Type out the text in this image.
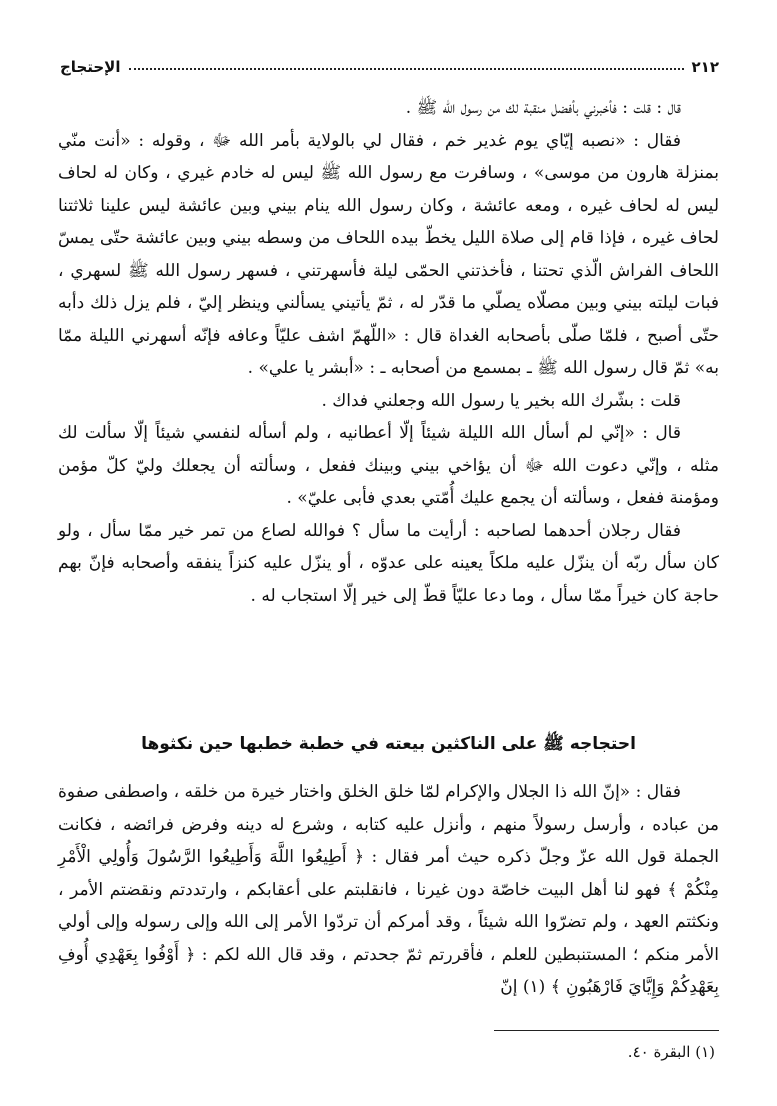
٢١٢
الإحتجاج

قال : قلت : فأخبرني بأفضل منقبة لك من رسول الله ﷺ .

فقال : «نصبه إيّاي يوم غدير خم ، فقال لي بالولاية بأمر الله ﷻ ، وقوله : «أنت منّي بمنزلة هارون من موسى» ، وسافرت مع رسول الله ﷺ ليس له خادم غيري ، وكان له لحاف ليس له لحاف غيره ، ومعه عائشة ، وكان رسول الله ينام بيني وبين عائشة ليس علينا ثلاثتنا لحاف غيره ، فإذا قام إلى صلاة الليل يخطّ بيده اللحاف من وسطه بيني وبين عائشة حتّى يمسّ اللحاف الفراش الّذي تحتنا ، فأخذتني الحمّى ليلة فأسهرتني ، فسهر رسول الله ﷺ لسهري ، فبات ليلته بيني وبين مصلّاه يصلّي ما قدّر له ، ثمّ يأتيني يسألني وينظر إليّ ، فلم يزل ذلك دأبه حتّى أصبح ، فلمّا صلّى بأصحابه الغداة قال : «اللّهمّ اشف عليّاً وعافه فإنّه أسهرني الليلة ممّا به» ثمّ قال رسول الله ﷺ ـ بمسمع من أصحابه ـ : «أبشر يا علي» .

قلت : بشّرك الله بخير يا رسول الله وجعلني فداك .

قال : «إنّي لم أسأل الله الليلة شيئاً إلّا أعطانيه ، ولم أسأله لنفسي شيئاً إلّا سألت لك مثله ، وإنّي دعوت الله ﷻ أن يؤاخي بيني وبينك ففعل ، وسألته أن يجعلك وليّ كلّ مؤمن ومؤمنة ففعل ، وسألته أن يجمع عليك أُمّتي بعدي فأبى عليّ» .

فقال رجلان أحدهما لصاحبه : أرأيت ما سأل ؟ فوالله لصاع من تمر خير ممّا سأل ، ولو كان سأل ربّه أن ينزّل عليه ملكاً يعينه على عدوّه ، أو ينزّل عليه كنزاً ينفقه وأصحابه فإنّ بهم حاجة كان خيراً ممّا سأل ، وما دعا عليّاً قطّ إلى خير إلّا استجاب له .

احتجاجه ﷺ على الناكثين بيعته في خطبة خطبها حين نكثوها

فقال : «إنّ الله ذا الجلال والإكرام لمّا خلق الخلق واختار خيرة من خلقه ، واصطفى صفوة من عباده ، وأرسل رسولاً منهم ، وأنزل عليه كتابه ، وشرع له دينه وفرض فرائضه ، فكانت الجملة قول الله عزّ وجلّ ذكره حيث أمر فقال : ﴿ أَطِيعُوا اللَّهَ وَأَطِيعُوا الرَّسُولَ وَأُولِي الْأَمْرِ مِنْكُمْ ﴾ فهو لنا أهل البيت خاصّة دون غيرنا ، فانقلبتم على أعقابكم ، وارتددتم ونقضتم الأمر ، ونكثتم العهد ، ولم تضرّوا الله شيئاً ، وقد أمركم أن تردّوا الأمر إلى الله وإلى رسوله وإلى أولي الأمر منكم ؛ المستنبطين للعلم ، فأقررتم ثمّ جحدتم ، وقد قال الله لكم : ﴿ أَوْفُوا بِعَهْدِي أُوفِ بِعَهْدِكُمْ وَإِيَّايَ فَارْهَبُونِ ﴾ (١) إنّ

(١) البقرة ٤٠.
